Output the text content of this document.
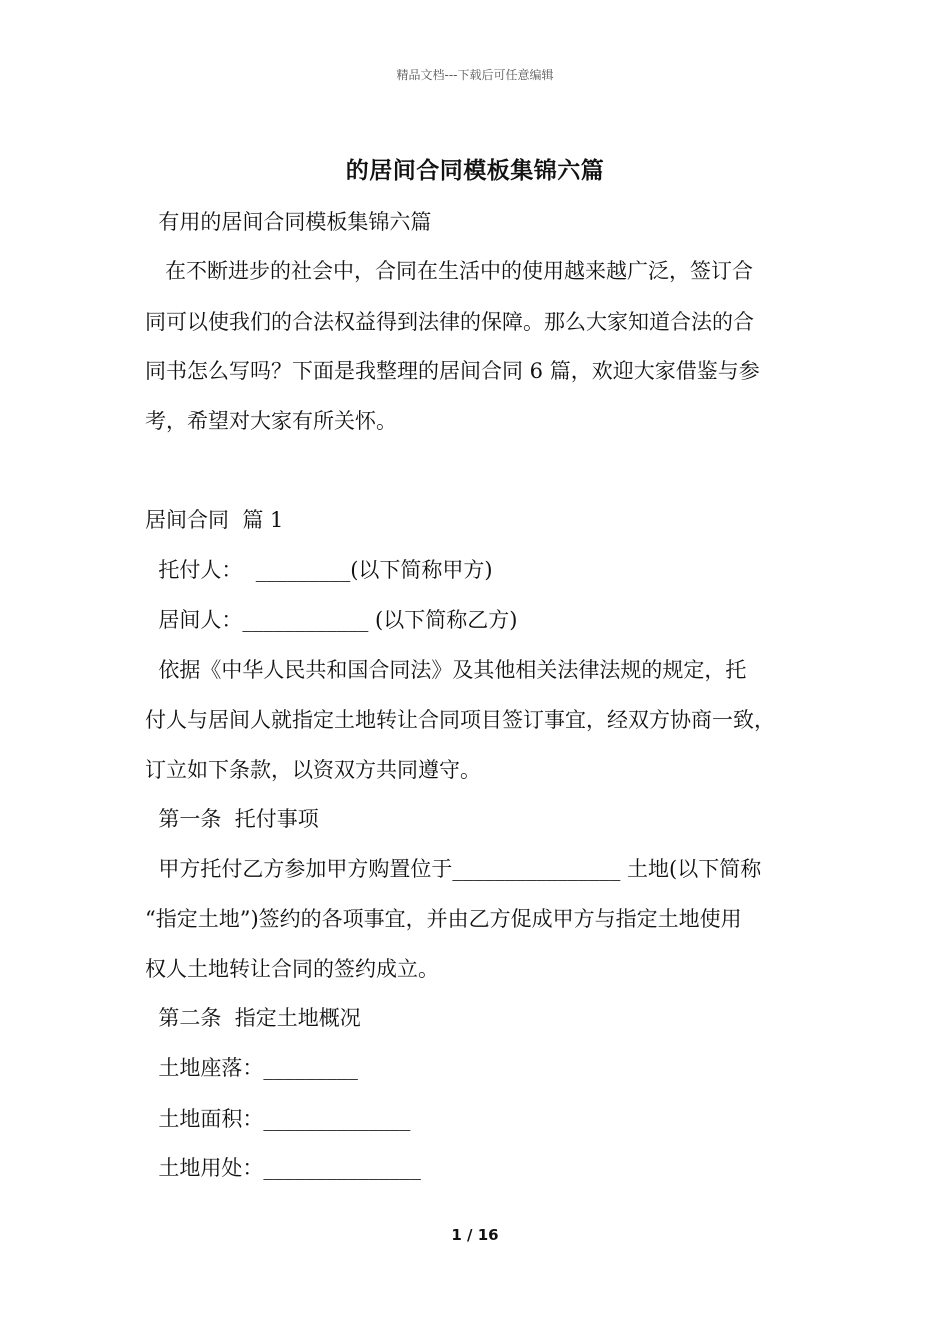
精品文档---下载后可任意编辑
的居间合同模板集锦六篇
有用的居间合同模板集锦六篇
在不断进步的社会中，合同在生活中的使用越来越广泛，签订合
同可以使我们的合法权益得到法律的保障。那么大家知道合法的合
同书怎么写吗？下面是我整理的居间合同 6 篇，欢迎大家借鉴与参
考，希望对大家有所关怀。
居间合同  篇 1
托付人：  _________(以下简称甲方)
居间人：____________ (以下简称乙方)
依据《中华人民共和国合同法》及其他相关法律法规的规定，托
付人与居间人就指定土地转让合同项目签订事宜，经双方协商一致，
订立如下条款，以资双方共同遵守。
第一条  托付事项
甲方托付乙方参加甲方购置位于________________ 土地(以下简称
“指定土地”)签约的各项事宜，并由乙方促成甲方与指定土地使用
权人土地转让合同的签约成立。
第二条  指定土地概况
土地座落：_________
土地面积：______________
土地用处：_______________
1 / 16
